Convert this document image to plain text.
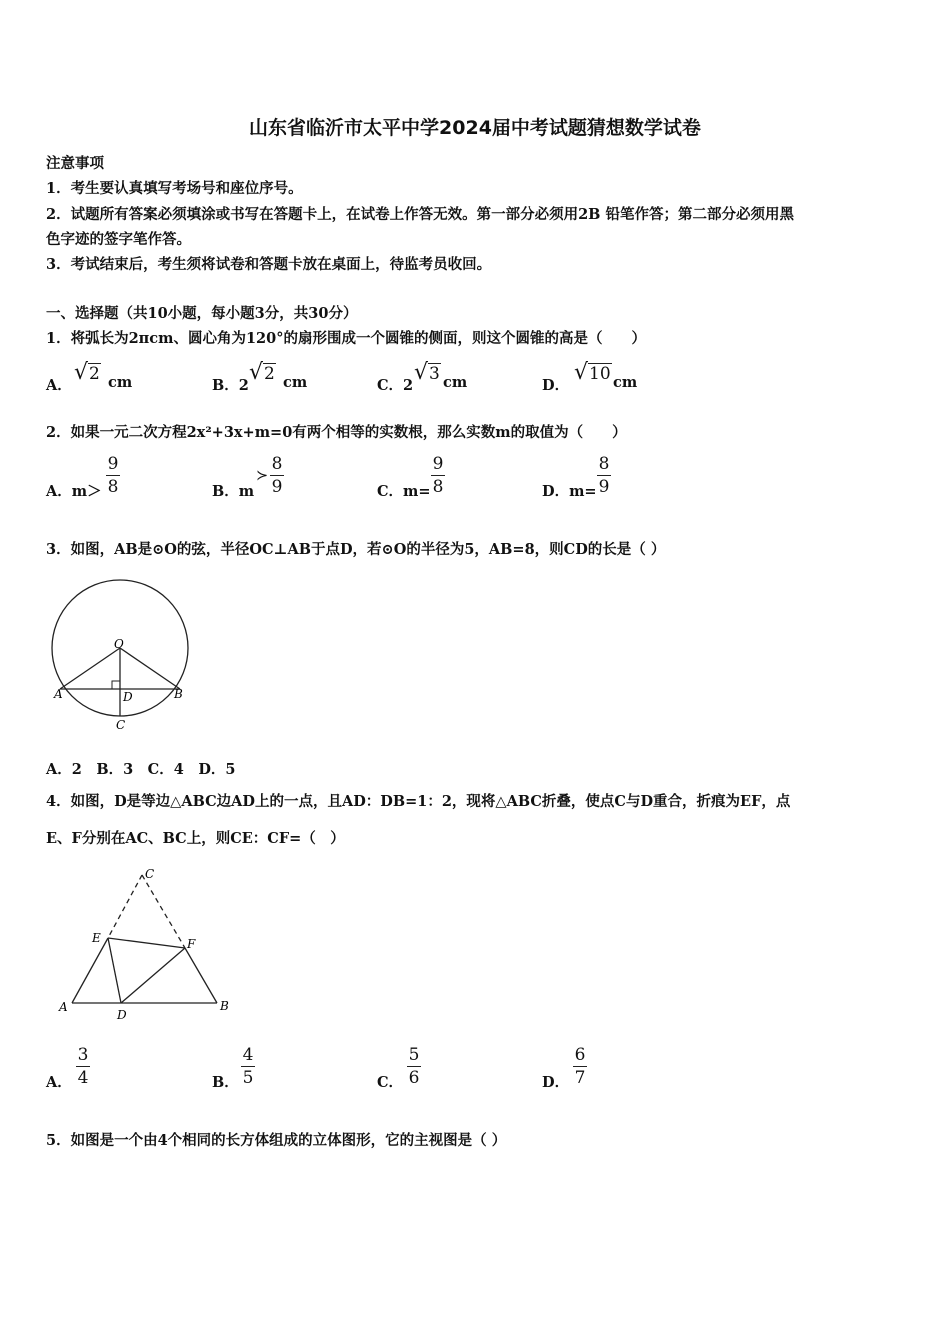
山东省临沂市太平中学2024届中考试题猜想数学试卷
注意事项
1．考生要认真填写考场号和座位序号。
2．试题所有答案必须填涂或书写在答题卡上，在试卷上作答无效。第一部分必须用2B 铅笔作答；第二部分必须用黑
色字迹的签字笔作答。
3．考试结束后，考生须将试卷和答题卡放在桌面上，待监考员收回。
一、选择题（共10小题，每小题3分，共30分）
1．将弧长为2πcm、圆心角为120°的扇形围成一个圆锥的侧面，则这个圆锥的高是（　　）
A．
√2 cm	B．2
√2 cm	C．2
√3 cm	D．
√10 cm
2．如果一元二次方程2x²+3x+m=0有两个相等的实数根，那么实数m的取值为（　　）
A．m＞
9
8	B．m
≻
8
9	C．m=
9
8	D．m=
8
9
3．如图，AB是⊙O的弦，半径OC⊥AB于点D，若⊙O的半径为5，AB=8，则CD的长是（ ）
O
A	B
D
C
A．2　B．3　C．4　D．5
4．如图，D是等边△ABC边AD上的一点，且AD：DB=1：2，现将△ABC折叠，使点C与D重合，折痕为EF，点
E、F分别在AC、BC上，则CE：CF=（　）
C
E	F
A
D
B
A．
3
4	B．
4
5	C．
5
6	D．
6
7
5．如图是一个由4个相同的长方体组成的立体图形，它的主视图是（ ）
